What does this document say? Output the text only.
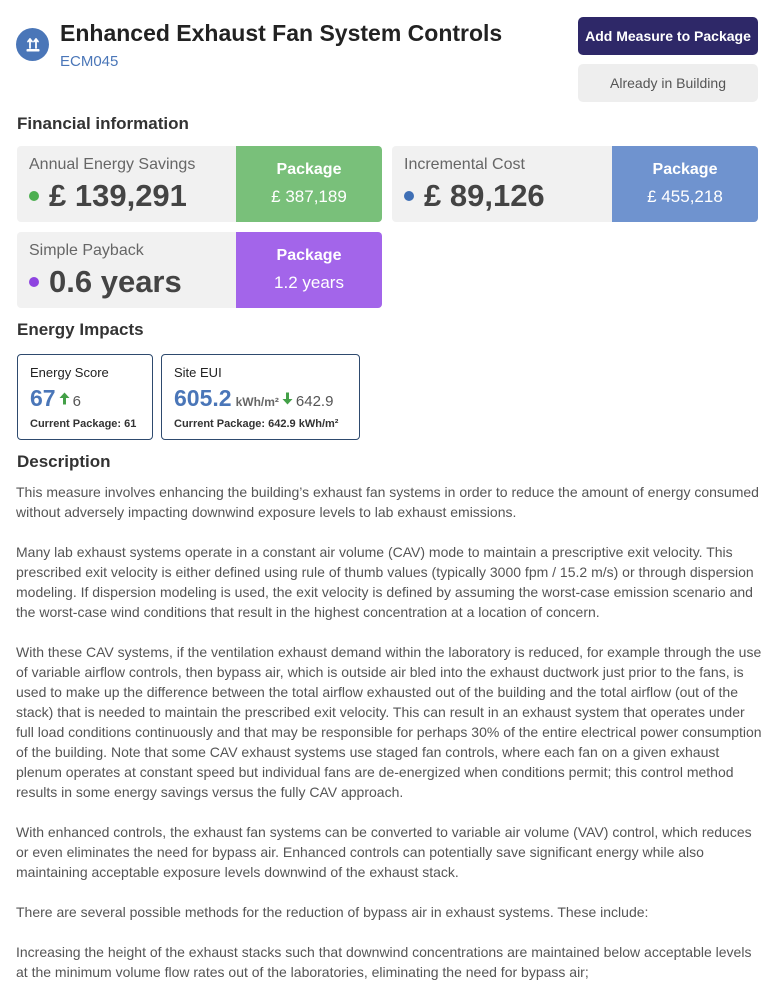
Enhanced Exhaust Fan System Controls
ECM045
Add Measure to Package
Already in Building
Financial information
Annual Energy Savings
£ 139,291
Package
£ 387,189
Incremental Cost
£ 89,126
Package
£ 455,218
Simple Payback
0.6 years
Package
1.2 years
Energy Impacts
Energy Score
67 6
Current Package: 61
Site EUI
605.2 kWh/m² 642.9
Current Package: 642.9 kWh/m²
Description

This measure involves enhancing the building’s exhaust fan systems in order to reduce the amount of energy consumed without adversely impacting downwind exposure levels to lab exhaust emissions.

Many lab exhaust systems operate in a constant air volume (CAV) mode to maintain a prescriptive exit velocity. This prescribed exit velocity is either defined using rule of thumb values (typically 3000 fpm / 15.2 m/s) or through dispersion modeling. If dispersion modeling is used, the exit velocity is defined by assuming the worst-case emission scenario and the worst-case wind conditions that result in the highest concentration at a location of concern.

With these CAV systems, if the ventilation exhaust demand within the laboratory is reduced, for example through the use of variable airflow controls, then bypass air, which is outside air bled into the exhaust ductwork just prior to the fans, is used to make up the difference between the total airflow exhausted out of the building and the total airflow (out of the stack) that is needed to maintain the prescribed exit velocity. This can result in an exhaust system that operates under full load conditions continuously and that may be responsible for perhaps 30% of the entire electrical power consumption of the building. Note that some CAV exhaust systems use staged fan controls, where each fan on a given exhaust plenum operates at constant speed but individual fans are de-energized when conditions permit; this control method results in some energy savings versus the fully CAV approach.

With enhanced controls, the exhaust fan systems can be converted to variable air volume (VAV) control, which reduces or even eliminates the need for bypass air. Enhanced controls can potentially save significant energy while also maintaining acceptable exposure levels downwind of the exhaust stack.

There are several possible methods for the reduction of bypass air in exhaust systems. These include:

Increasing the height of the exhaust stacks such that downwind concentrations are maintained below acceptable levels at the minimum volume flow rates out of the laboratories, eliminating the need for bypass air;
